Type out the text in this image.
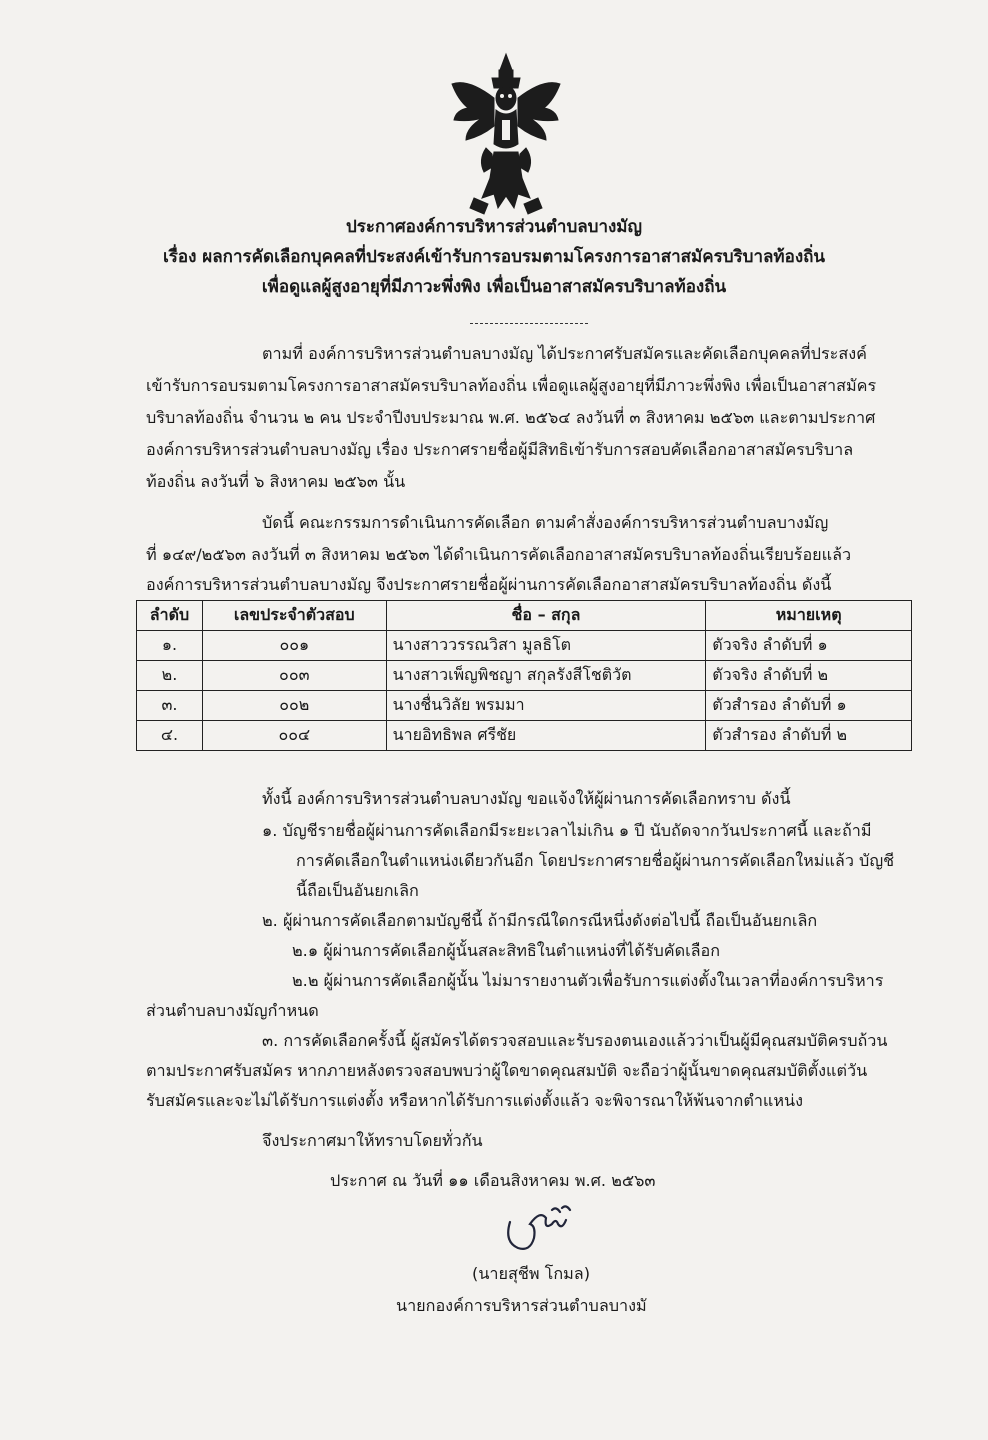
ประกาศองค์การบริหารส่วนตำบลบางมัญ
เรื่อง ผลการคัดเลือกบุคคลที่ประสงค์เข้ารับการอบรมตามโครงการอาสาสมัครบริบาลท้องถิ่น
เพื่อดูแลผู้สูงอายุที่มีภาวะพึ่งพิง เพื่อเป็นอาสาสมัครบริบาลท้องถิ่น
ตามที่ องค์การบริหารส่วนตำบลบางมัญ ได้ประกาศรับสมัครและคัดเลือกบุคคลที่ประสงค์
เข้ารับการอบรมตามโครงการอาสาสมัครบริบาลท้องถิ่น เพื่อดูแลผู้สูงอายุที่มีภาวะพึ่งพิง เพื่อเป็นอาสาสมัคร
บริบาลท้องถิ่น จำนวน ๒ คน ประจำปีงบประมาณ พ.ศ. ๒๕๖๔ ลงวันที่ ๓ สิงหาคม ๒๕๖๓ และตามประกาศ
องค์การบริหารส่วนตำบลบางมัญ เรื่อง ประกาศรายชื่อผู้มีสิทธิเข้ารับการสอบคัดเลือกอาสาสมัครบริบาล
ท้องถิ่น ลงวันที่ ๖ สิงหาคม ๒๕๖๓ นั้น
บัดนี้ คณะกรรมการดำเนินการคัดเลือก ตามคำสั่งองค์การบริหารส่วนตำบลบางมัญ
ที่ ๑๔๙/๒๕๖๓ ลงวันที่ ๓ สิงหาคม ๒๕๖๓ ได้ดำเนินการคัดเลือกอาสาสมัครบริบาลท้องถิ่นเรียบร้อยแล้ว
องค์การบริหารส่วนตำบลบางมัญ จึงประกาศรายชื่อผู้ผ่านการคัดเลือกอาสาสมัครบริบาลท้องถิ่น ดังนี้
ลำดับ	เลขประจำตัวสอบ	ชื่อ – สกุล	หมายเหตุ
๑.	๐๐๑	นางสาววรรณวิสา มูลธิโต	ตัวจริง ลำดับที่ ๑
๒.	๐๐๓	นางสาวเพ็ญพิชญา สกุลรังสีโชติวัต	ตัวจริง ลำดับที่ ๒
๓.	๐๐๒	นางชื่นวิลัย พรมมา	ตัวสำรอง ลำดับที่ ๑
๔.	๐๐๔	นายอิทธิพล ศรีชัย	ตัวสำรอง ลำดับที่ ๒
ทั้งนี้ องค์การบริหารส่วนตำบลบางมัญ ขอแจ้งให้ผู้ผ่านการคัดเลือกทราบ ดังนี้
๑. บัญชีรายชื่อผู้ผ่านการคัดเลือกมีระยะเวลาไม่เกิน ๑ ปี นับถัดจากวันประกาศนี้ และถ้ามี
การคัดเลือกในตำแหน่งเดียวกันอีก โดยประกาศรายชื่อผู้ผ่านการคัดเลือกใหม่แล้ว บัญชี
นี้ถือเป็นอันยกเลิก
๒. ผู้ผ่านการคัดเลือกตามบัญชีนี้ ถ้ามีกรณีใดกรณีหนึ่งดังต่อไปนี้ ถือเป็นอันยกเลิก
๒.๑ ผู้ผ่านการคัดเลือกผู้นั้นสละสิทธิในตำแหน่งที่ได้รับคัดเลือก
๒.๒ ผู้ผ่านการคัดเลือกผู้นั้น ไม่มารายงานตัวเพื่อรับการแต่งตั้งในเวลาที่องค์การบริหาร
ส่วนตำบลบางมัญกำหนด
๓. การคัดเลือกครั้งนี้ ผู้สมัครได้ตรวจสอบและรับรองตนเองแล้วว่าเป็นผู้มีคุณสมบัติครบถ้วน
ตามประกาศรับสมัคร หากภายหลังตรวจสอบพบว่าผู้ใดขาดคุณสมบัติ จะถือว่าผู้นั้นขาดคุณสมบัติตั้งแต่วัน
รับสมัครและจะไม่ได้รับการแต่งตั้ง หรือหากได้รับการแต่งตั้งแล้ว จะพิจารณาให้พ้นจากตำแหน่ง
จึงประกาศมาให้ทราบโดยทั่วกัน
ประกาศ ณ วันที่ ๑๑ เดือนสิงหาคม พ.ศ. ๒๕๖๓
(นายสุชีพ โกมล)
นายกองค์การบริหารส่วนตำบลบางมั
